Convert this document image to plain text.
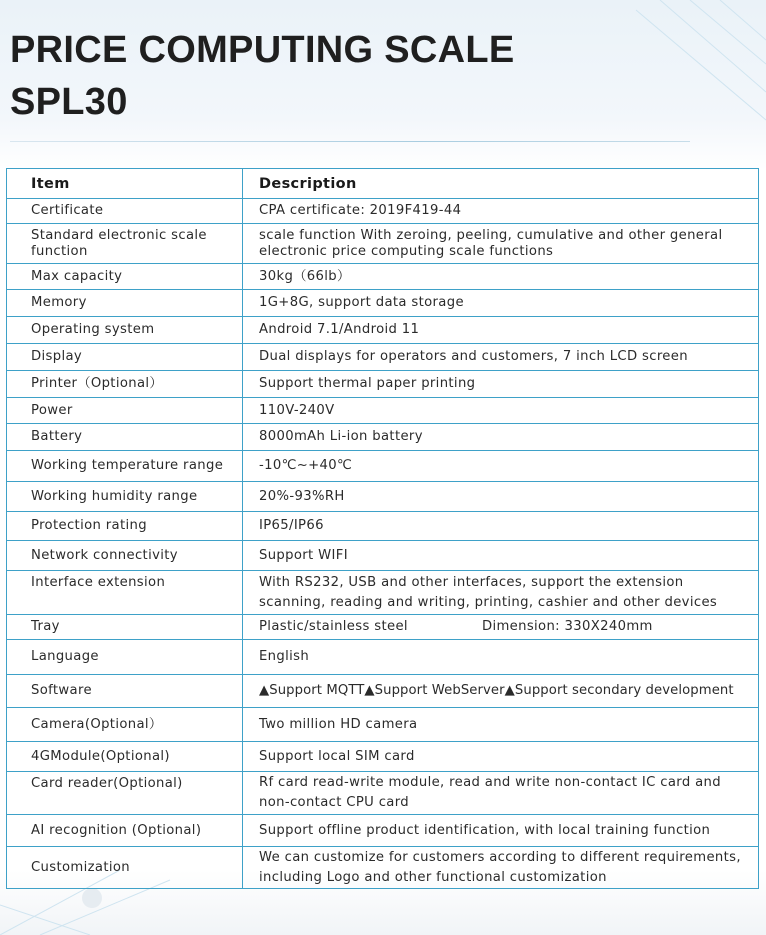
PRICE COMPUTING SCALE
SPL30
Item	Description
Certificate	CPA certificate: 2019F419-44
Standard electronic scale function	scale function With zeroing, peeling, cumulative and other general electronic price computing scale functions
Max capacity	30kg（66lb）
Memory	1G+8G, support data storage
Operating system	Android 7.1/Android 11
Display	Dual displays for operators and customers, 7 inch LCD screen
Printer（Optional）	Support thermal paper printing
Power	110V-240V
Battery	8000mAh Li-ion battery
Working temperature range	-10℃~+40℃
Working humidity range	20%-93%RH
Protection rating	IP65/IP66
Network connectivity	Support WIFI
Interface extension	With RS232, USB and other interfaces, support the extension scanning, reading and writing, printing, cashier and other devices
Tray	Plastic/stainless steel Dimension: 330X240mm
Language	English
Software	▲Support MQTT▲Support WebServer▲Support secondary development
Camera(Optional）	Two million HD camera
4GModule(Optional)	Support local SIM card
Card reader(Optional)	Rf card read-write module, read and write non-contact IC card and non-contact CPU card
AI recognition (Optional)	Support offline product identification, with local training function
Customization	We can customize for customers according to different requirements, including Logo and other functional customization
